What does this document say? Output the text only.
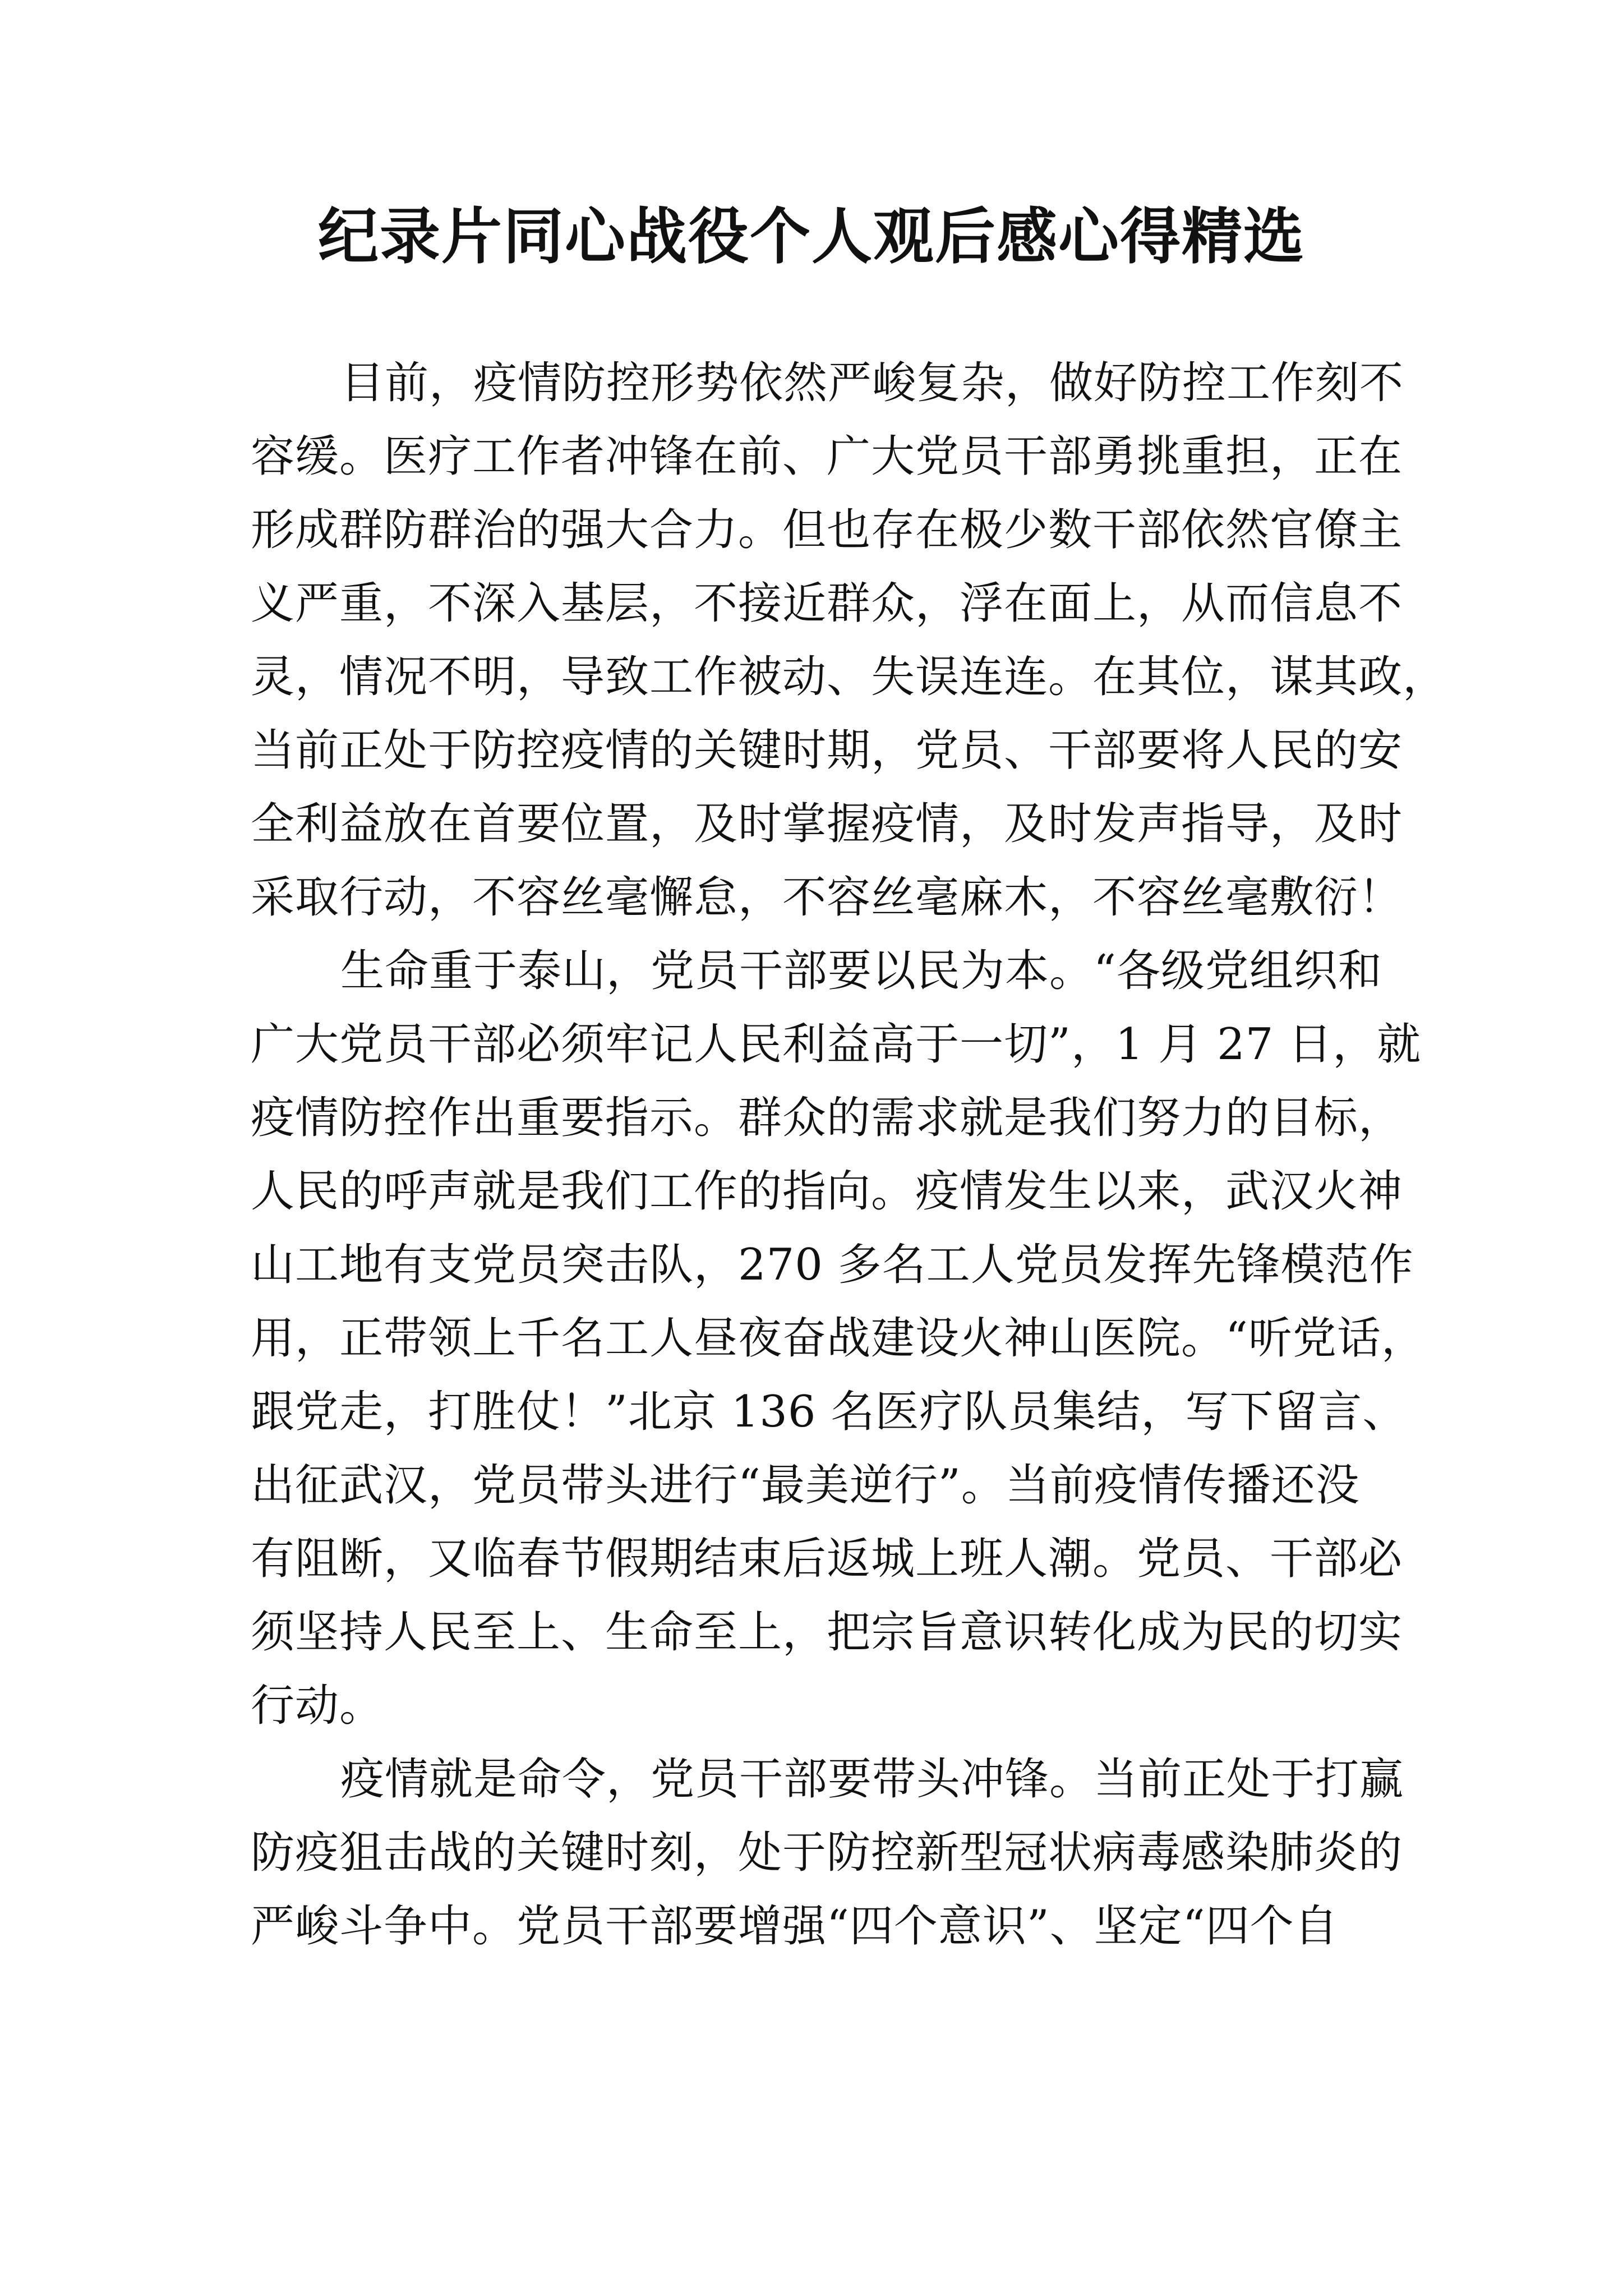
纪录片同心战役个人观后感心得精选
目前，疫情防控形势依然严峻复杂，做好防控工作刻不
容缓。医疗工作者冲锋在前、广大党员干部勇挑重担，正在
形成群防群治的强大合力。但也存在极少数干部依然官僚主
义严重，不深入基层，不接近群众，浮在面上，从而信息不
灵，情况不明，导致工作被动、失误连连。在其位，谋其政，
当前正处于防控疫情的关键时期，党员、干部要将人民的安
全利益放在首要位置，及时掌握疫情，及时发声指导，及时
采取行动，不容丝毫懈怠，不容丝毫麻木，不容丝毫敷衍！
生命重于泰山，党员干部要以民为本。“各级党组织和
广大党员干部必须牢记人民利益高于一切”，1 月 27 日，就
疫情防控作出重要指示。群众的需求就是我们努力的目标，
人民的呼声就是我们工作的指向。疫情发生以来，武汉火神
山工地有支党员突击队，270 多名工人党员发挥先锋模范作
用，正带领上千名工人昼夜奋战建设火神山医院。“听党话，
跟党走，打胜仗！”北京 136 名医疗队员集结，写下留言、
出征武汉，党员带头进行“最美逆行”。当前疫情传播还没
有阻断，又临春节假期结束后返城上班人潮。党员、干部必
须坚持人民至上、生命至上，把宗旨意识转化成为民的切实
行动。
疫情就是命令，党员干部要带头冲锋。当前正处于打赢
防疫狙击战的关键时刻，处于防控新型冠状病毒感染肺炎的
严峻斗争中。党员干部要增强“四个意识”、坚定“四个自
